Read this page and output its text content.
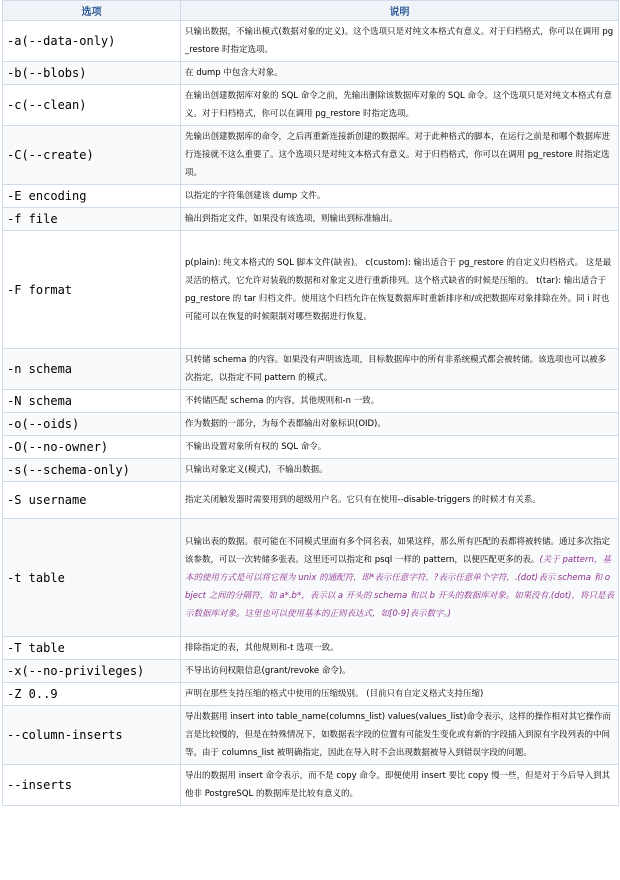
选项	说明
-a(--data-only)	只输出数据，不输出模式(数据对象的定义)。这个选项只是对纯文本格式有意义。对于归档格式，你可以在调用 pg_restore 时指定选项。
-b(--blobs)	在 dump 中包含大对象。
-c(--clean)	在输出创建数据库对象的 SQL 命令之前，先输出删除该数据库对象的 SQL 命令。这个选项只是对纯文本格式有意义。对于归档格式，你可以在调用 pg_restore 时指定选项。
-C(--create)	先输出创建数据库的命令，之后再重新连接新创建的数据库。对于此种格式的脚本，在运行之前是和哪个数据库进行连接就不这么重要了。这个选项只是对纯文本格式有意义。对于归档格式，你可以在调用 pg_restore 时指定选项。
-E encoding	以指定的字符集创建该 dump 文件。
-f file	输出到指定文件，如果没有该选项，则输出到标准输出。
-F format	p(plain): 纯文本格式的 SQL 脚本文件(缺省)。 c(custom): 输出适合于 pg_restore 的自定义归档格式。 这是最灵活的格式，它允许对装载的数据和对象定义进行重新排列。这个格式缺省的时候是压缩的。 t(tar): 输出适合于 pg_restore 的 tar 归档文件。使用这个归档允许在恢复数据库时重新排序和/或把数据库对象排除在外。同 i 时也可能可以在恢复的时候限制对哪些数据进行恢复。
-n schema	只转储 schema 的内容。如果没有声明该选项，目标数据库中的所有非系统模式都会被转储。该选项也可以被多次指定，以指定不同 pattern 的模式。
-N schema	不转储匹配 schema 的内容，其他规则和-n 一致。
-o(--oids)	作为数据的一部分，为每个表都输出对象标识(OID)。
-O(--no-owner)	不输出设置对象所有权的 SQL 命令。
-s(--schema-only)	只输出对象定义(模式)，不输出数据。
-S username	指定关闭触发器时需要用到的超级用户名。它只有在使用--disable-triggers 的时候才有关系。
-t table	只输出表的数据。很可能在不同模式里面有多个同名表，如果这样，那么所有匹配的表都将被转储。通过多次指定该参数，可以一次转储多张表。这里还可以指定和 psql 一样的 pattern，以便匹配更多的表。(关于 pattern，基本的使用方式是可以将它视为 unix 的通配符，即*表示任意字符，?表示任意单个字符，.(dot)表示 schema 和 object 之间的分隔符，如 a*.b*，表示以 a 开头的 schema 和以 b 开头的数据库对象。如果没有.(dot)，将只是表示数据库对象。这里也可以使用基本的正则表达式，如[0-9]表示数字。)
-T table	排除指定的表，其他规则和-t 选项一致。
-x(--no-privileges)	不导出访问权限信息(grant/revoke 命令)。
-Z 0..9	声明在那些支持压缩的格式中使用的压缩级别。 (目前只有自定义格式支持压缩)
--column-inserts	导出数据用 insert into table_name(columns_list) values(values_list)命令表示，这样的操作相对其它操作而言是比较慢的，但是在特殊情况下，如数据表字段的位置有可能发生变化或有新的字段插入到原有字段列表的中间等。由于 columns_list 被明确指定，因此在导入时不会出现数据被导入到错误字段的问题。
--inserts	导出的数据用 insert 命令表示，而不是 copy 命令。即便使用 insert 要比 copy 慢一些，但是对于今后导入到其他非 PostgreSQL 的数据库是比较有意义的。
